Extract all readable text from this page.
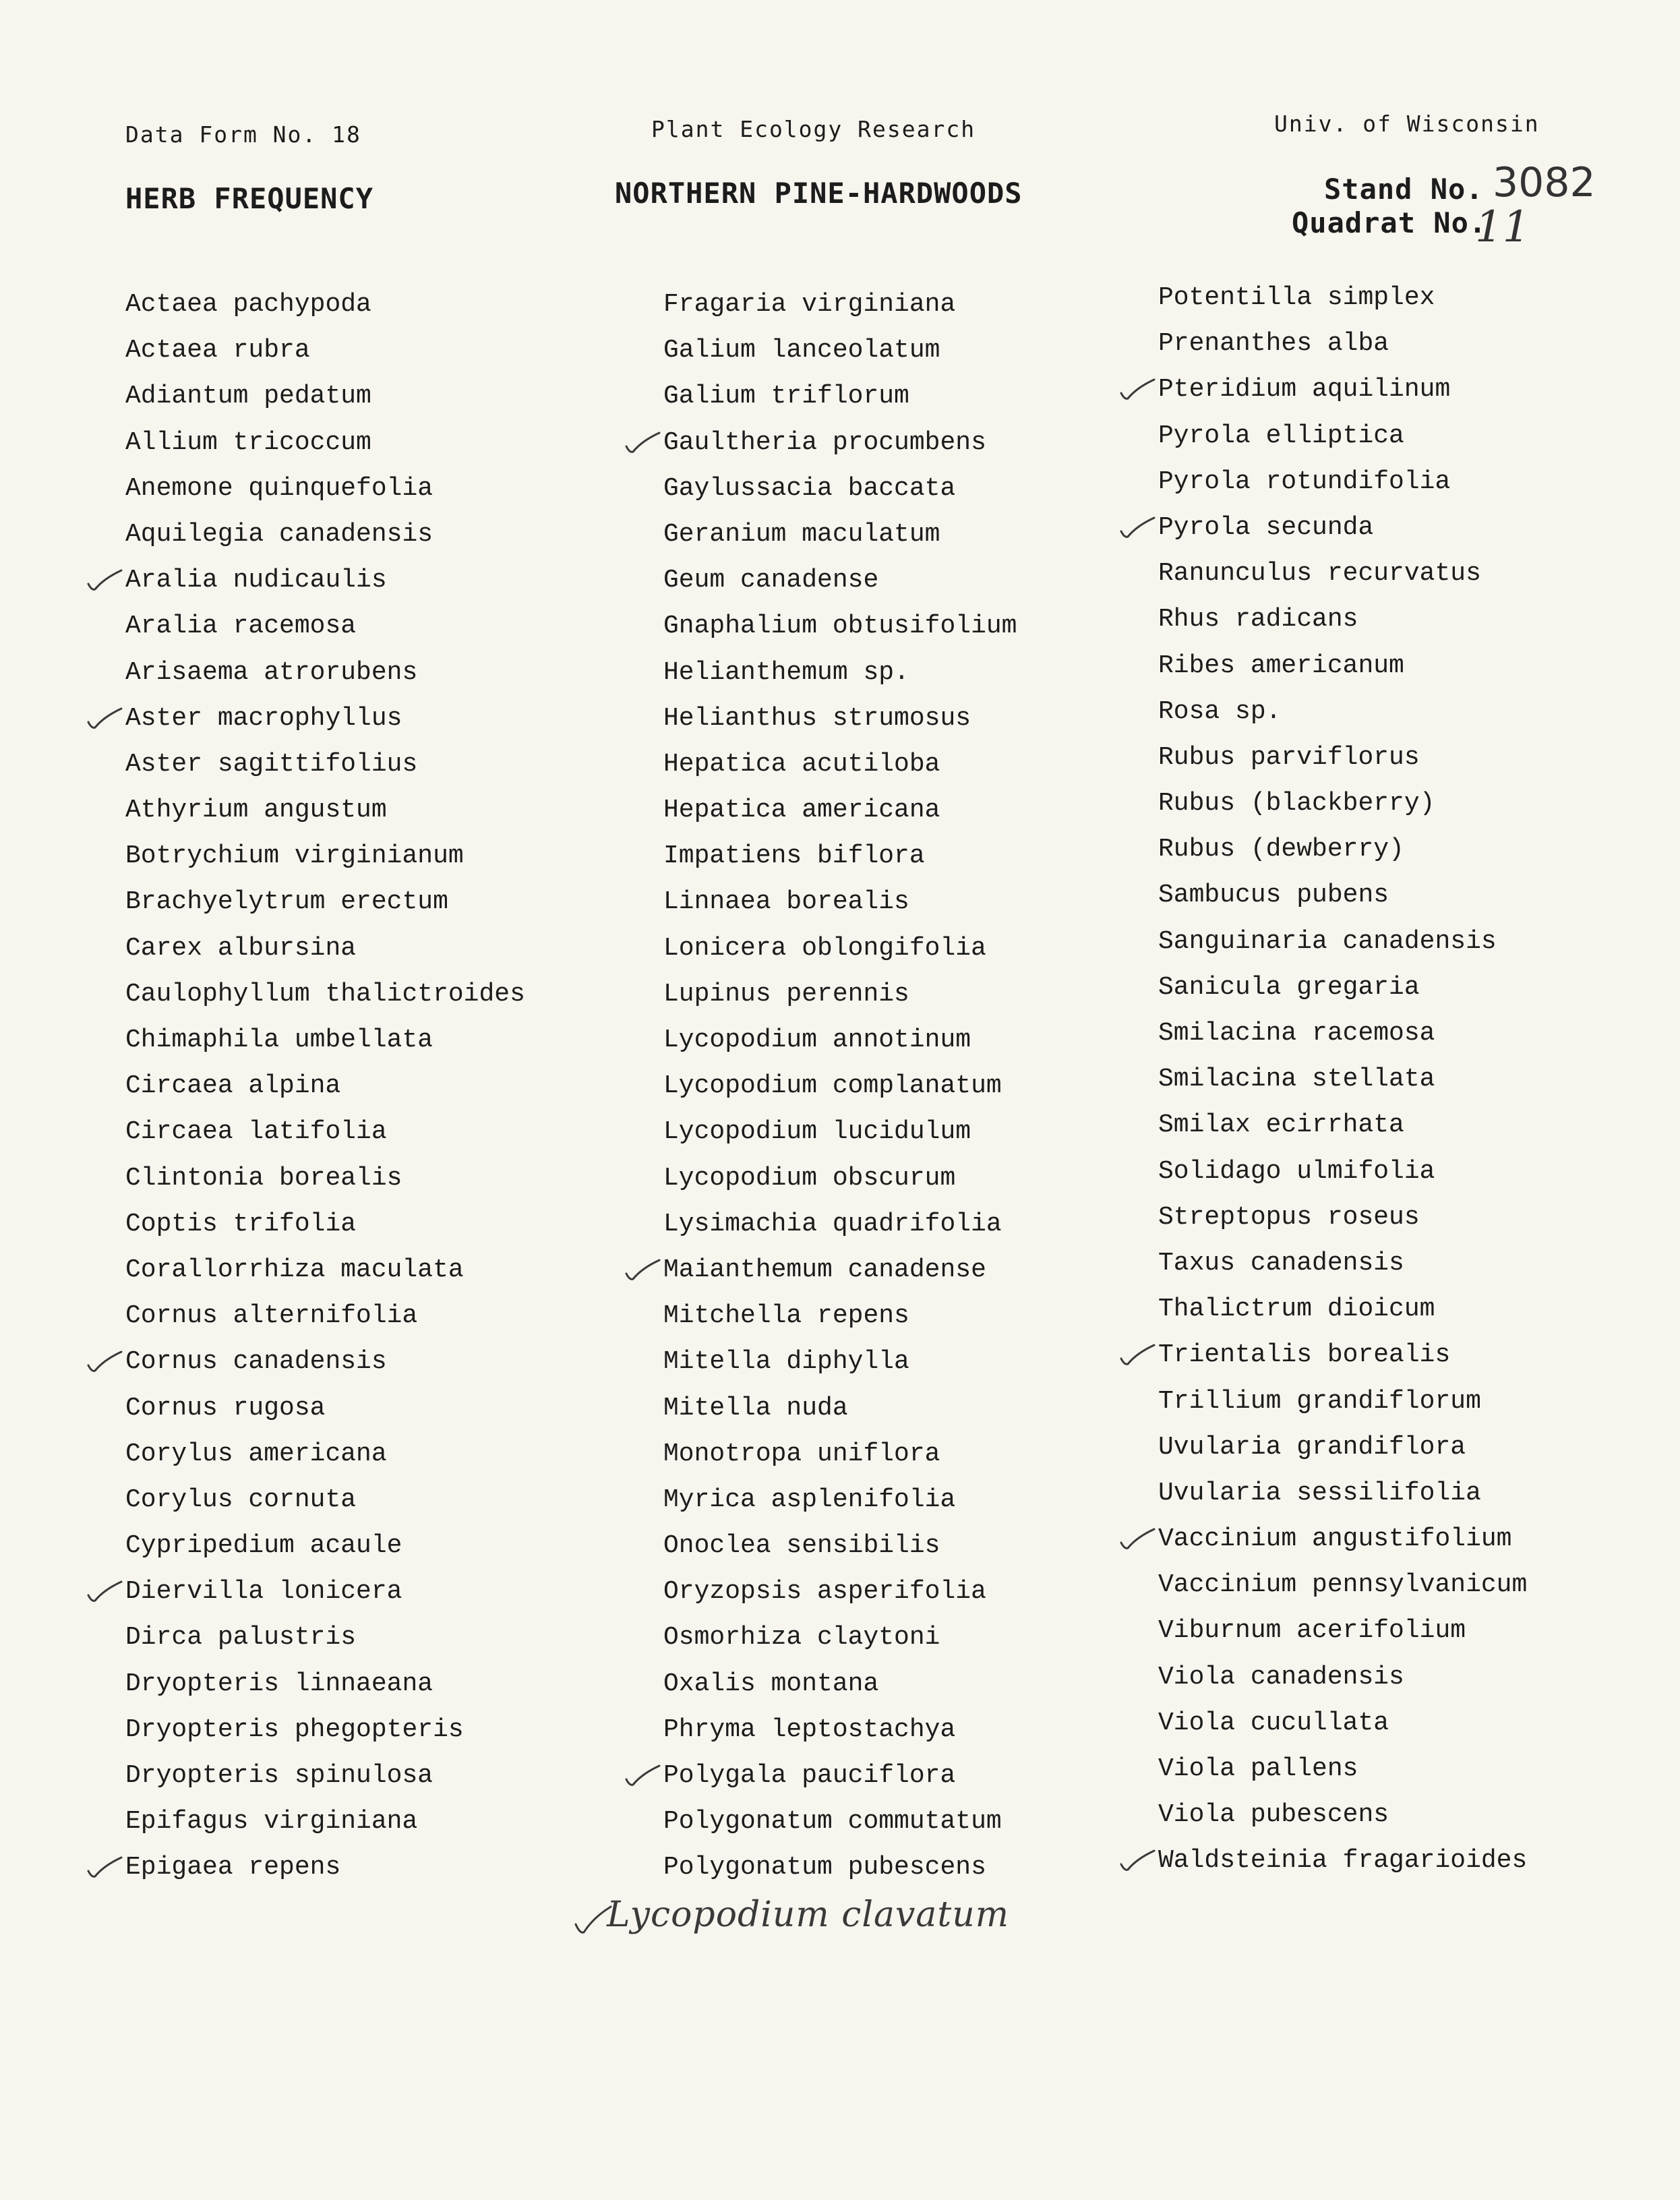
Data Form No. 18	Plant Ecology Research	Univ. of Wisconsin
HERB FREQUENCY	NORTHERN PINE-HARDWOODS	Stand No. 3082
Quadrat No.
11
Actaea pachypoda
Actaea rubra
Adiantum pedatum
Allium tricoccum
Anemone quinquefolia
Aquilegia canadensis
Aralia nudicaulis
Aralia racemosa
Arisaema atrorubens
Aster macrophyllus
Aster sagittifolius
Athyrium angustum
Botrychium virginianum
Brachyelytrum erectum
Carex albursina
Caulophyllum thalictroides
Chimaphila umbellata
Circaea alpina
Circaea latifolia
Clintonia borealis
Coptis trifolia
Corallorrhiza maculata
Cornus alternifolia
Cornus canadensis
Cornus rugosa
Corylus americana
Corylus cornuta
Cypripedium acaule
Diervilla lonicera
Dirca palustris
Dryopteris linnaeana
Dryopteris phegopteris
Dryopteris spinulosa
Epifagus virginiana
Epigaea repens
Fragaria virginiana
Galium lanceolatum
Galium triflorum
Gaultheria procumbens
Gaylussacia baccata
Geranium maculatum
Geum canadense
Gnaphalium obtusifolium
Helianthemum sp.
Helianthus strumosus
Hepatica acutiloba
Hepatica americana
Impatiens biflora
Linnaea borealis
Lonicera oblongifolia
Lupinus perennis
Lycopodium annotinum
Lycopodium complanatum
Lycopodium lucidulum
Lycopodium obscurum
Lysimachia quadrifolia
Maianthemum canadense
Mitchella repens
Mitella diphylla
Mitella nuda
Monotropa uniflora
Myrica asplenifolia
Onoclea sensibilis
Oryzopsis asperifolia
Osmorhiza claytoni
Oxalis montana
Phryma leptostachya
Polygala pauciflora
Polygonatum commutatum
Polygonatum pubescens
Potentilla simplex
Prenanthes alba
Pteridium aquilinum
Pyrola elliptica
Pyrola rotundifolia
Pyrola secunda
Ranunculus recurvatus
Rhus radicans
Ribes americanum
Rosa sp.
Rubus parviflorus
Rubus (blackberry)
Rubus (dewberry)
Sambucus pubens
Sanguinaria canadensis
Sanicula gregaria
Smilacina racemosa
Smilacina stellata
Smilax ecirrhata
Solidago ulmifolia
Streptopus roseus
Taxus canadensis
Thalictrum dioicum
Trientalis borealis
Trillium grandiflorum
Uvularia grandiflora
Uvularia sessilifolia
Vaccinium angustifolium
Vaccinium pennsylvanicum
Viburnum acerifolium
Viola canadensis
Viola cucullata
Viola pallens
Viola pubescens
Waldsteinia fragarioides
Lycopodium clavatum
